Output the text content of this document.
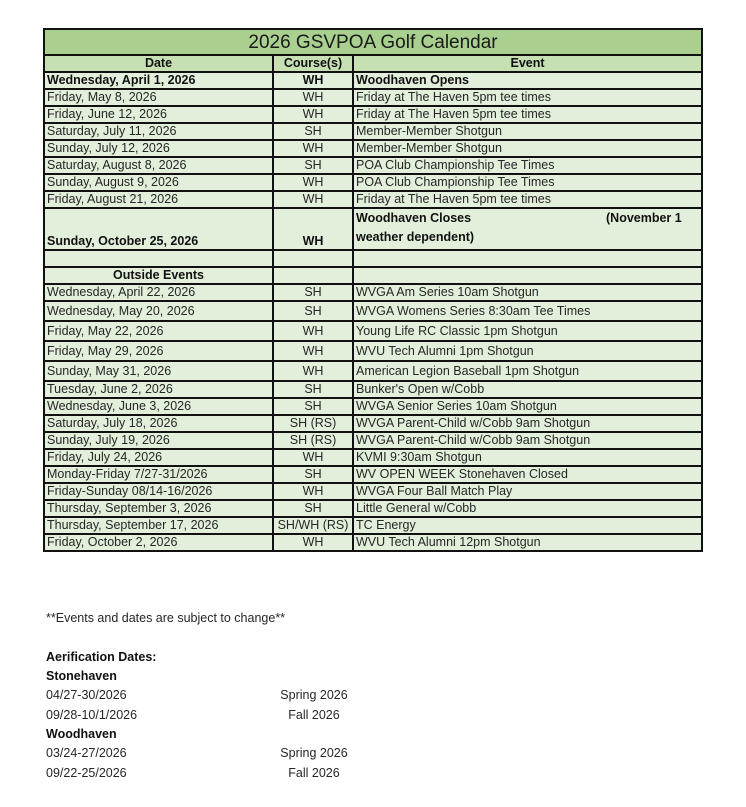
2026 GSVPOA Golf Calendar		
Date	Course(s)	Event
Wednesday, April 1, 2026	WH	Woodhaven Opens
Friday, May 8, 2026	WH	Friday at The Haven 5pm tee times
Friday, June 12, 2026	WH	Friday at The Haven 5pm tee times
Saturday, July 11, 2026	SH	Member-Member Shotgun
Sunday, July 12, 2026	WH	Member-Member Shotgun
Saturday, August 8, 2026	SH	POA Club Championship Tee Times
Sunday, August 9, 2026	WH	POA Club Championship Tee Times
Friday, August 21, 2026	WH	Friday at The Haven 5pm tee times
Sunday, October 25, 2026	WH	Woodhaven Closes (November 1
weather dependent)

Outside Events		
Wednesday, April 22, 2026	SH	WVGA Am Series 10am Shotgun
Wednesday, May 20, 2026	SH	WVGA Womens Series 8:30am Tee Times
Friday, May 22, 2026	WH	Young Life RC Classic 1pm Shotgun
Friday, May 29, 2026	WH	WVU Tech Alumni 1pm Shotgun
Sunday, May 31, 2026	WH	American Legion Baseball 1pm Shotgun
Tuesday, June 2, 2026	SH	Bunker's Open w/Cobb
Wednesday, June 3, 2026	SH	WVGA Senior Series 10am Shotgun
Saturday, July 18, 2026	SH (RS)	WVGA Parent-Child w/Cobb 9am Shotgun
Sunday, July 19, 2026	SH (RS)	WVGA Parent-Child w/Cobb 9am Shotgun
Friday, July 24, 2026	WH	KVMI 9:30am Shotgun
Monday-Friday 7/27-31/2026	SH	WV OPEN WEEK Stonehaven Closed
Friday-Sunday 08/14-16/2026	WH	WVGA Four Ball Match Play
Thursday, September 3, 2026	SH	Little General w/Cobb
Thursday, September 17, 2026	SH/WH (RS)	TC Energy
Friday, October 2, 2026	WH	WVU Tech Alumni 12pm Shotgun
**Events and dates are subject to change**
Aerification Dates:
Stonehaven
04/27-30/2026	Spring 2026
09/28-10/1/2026	Fall 2026
Woodhaven
03/24-27/2026	Spring 2026
09/22-25/2026	Fall 2026
